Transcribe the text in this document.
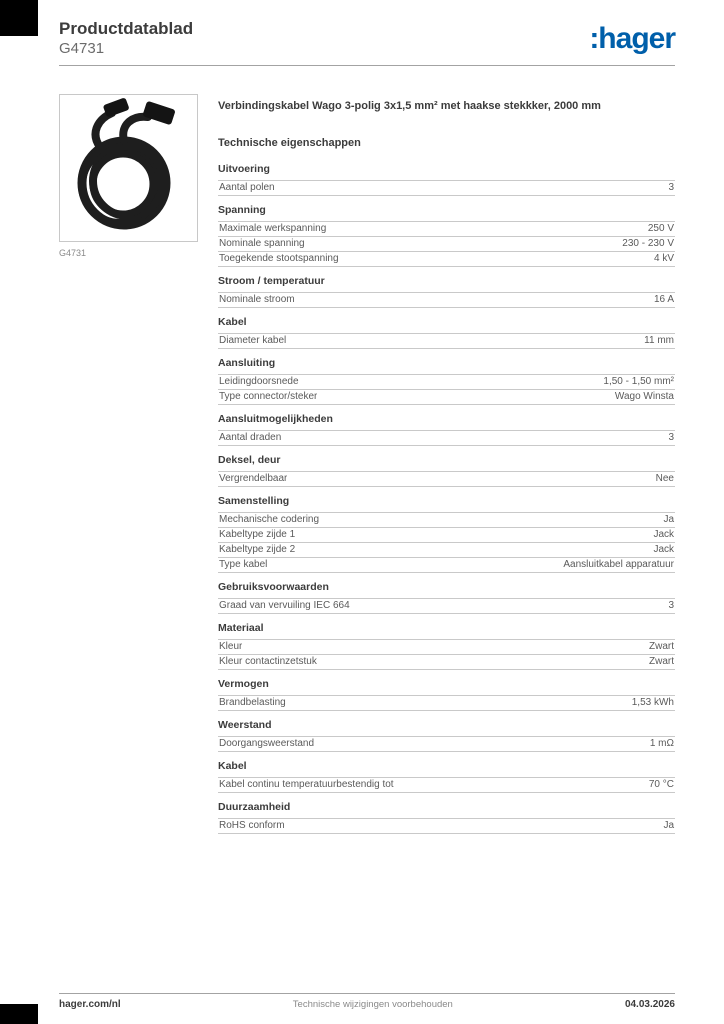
Productdatablad
G4731	:hager
G4731
Verbindingskabel Wago 3-polig 3x1,5 mm² met haakse stekkker, 2000 mm
Technische eigenschappen
Uitvoering
Aantal polen	3
Spanning
Maximale werkspanning	250 V
Nominale spanning	230 - 230 V
Toegekende stootspanning	4 kV
Stroom / temperatuur
Nominale stroom	16 A
Kabel
Diameter kabel	11 mm
Aansluiting
Leidingdoorsnede	1,50 - 1,50 mm²
Type connector/steker	Wago Winsta
Aansluitmogelijkheden
Aantal draden	3
Deksel, deur
Vergrendelbaar	Nee
Samenstelling
Mechanische codering	Ja
Kabeltype zijde 1	Jack
Kabeltype zijde 2	Jack
Type kabel	Aansluitkabel apparatuur
Gebruiksvoorwaarden
Graad van vervuiling IEC 664	3
Materiaal
Kleur	Zwart
Kleur contactinzetstuk	Zwart
Vermogen
Brandbelasting	1,53 kWh
Weerstand
Doorgangsweerstand	1 mΩ
Kabel
Kabel continu temperatuurbestendig tot	70 °C
Duurzaamheid
RoHS conform	Ja
hager.com/nl	Technische wijzigingen voorbehouden	04.03.2026
